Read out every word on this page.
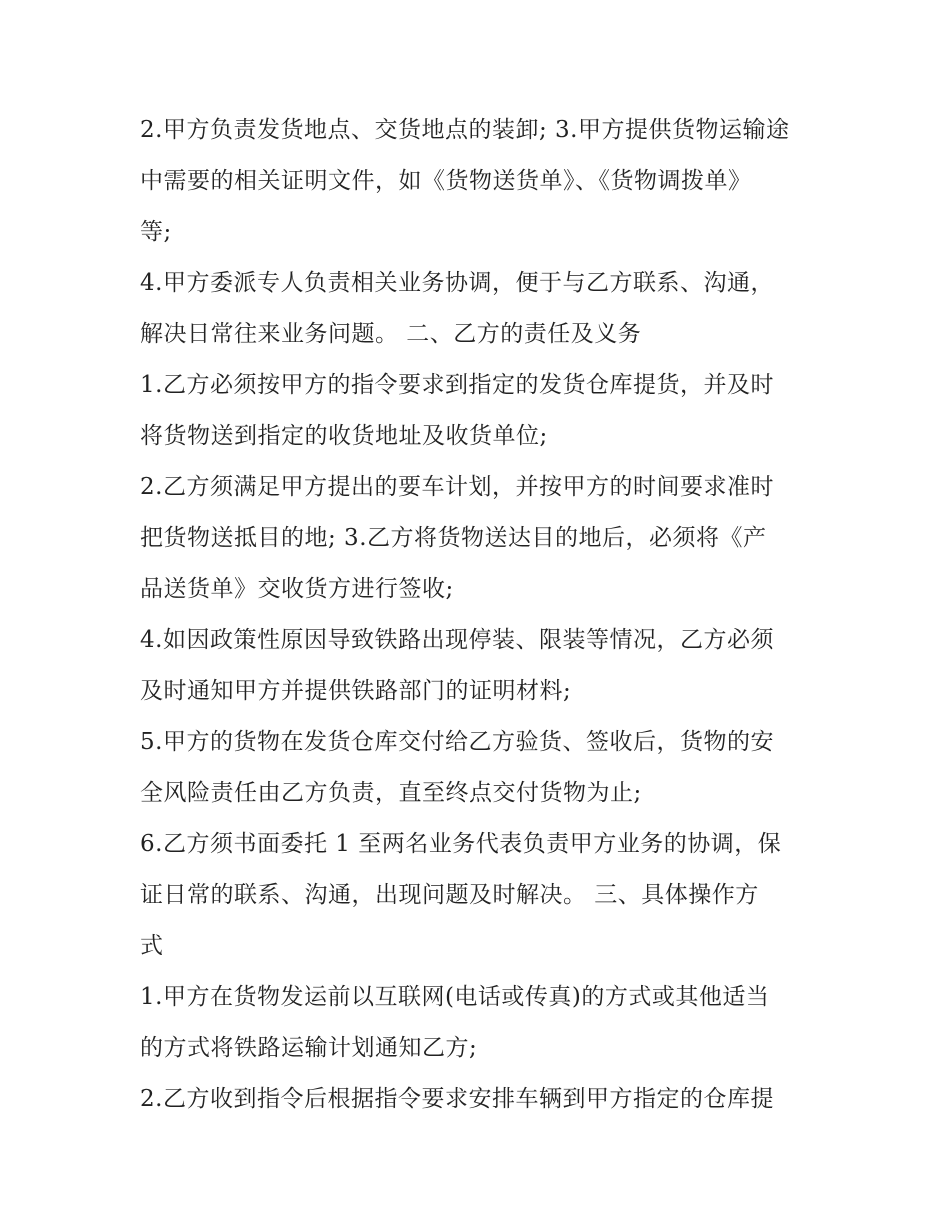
2.甲方负责发货地点、交货地点的装卸; 3.甲方提供货物运输途
中需要的相关证明文件，如《货物送货单》、《货物调拨单》
等;
4.甲方委派专人负责相关业务协调，便于与乙方联系、沟通，
解决日常往来业务问题。 二、乙方的责任及义务
1.乙方必须按甲方的指令要求到指定的发货仓库提货，并及时
将货物送到指定的收货地址及收货单位;
2.乙方须满足甲方提出的要车计划，并按甲方的时间要求准时
把货物送抵目的地; 3.乙方将货物送达目的地后，必须将《产
品送货单》交收货方进行签收;
4.如因政策性原因导致铁路出现停装、限装等情况，乙方必须
及时通知甲方并提供铁路部门的证明材料;
5.甲方的货物在发货仓库交付给乙方验货、签收后，货物的安
全风险责任由乙方负责，直至终点交付货物为止;
6.乙方须书面委托 1 至两名业务代表负责甲方业务的协调，保
证日常的联系、沟通，出现问题及时解决。 三、具体操作方
式
1.甲方在货物发运前以互联网(电话或传真)的方式或其他适当
的方式将铁路运输计划通知乙方;
2.乙方收到指令后根据指令要求安排车辆到甲方指定的仓库提
